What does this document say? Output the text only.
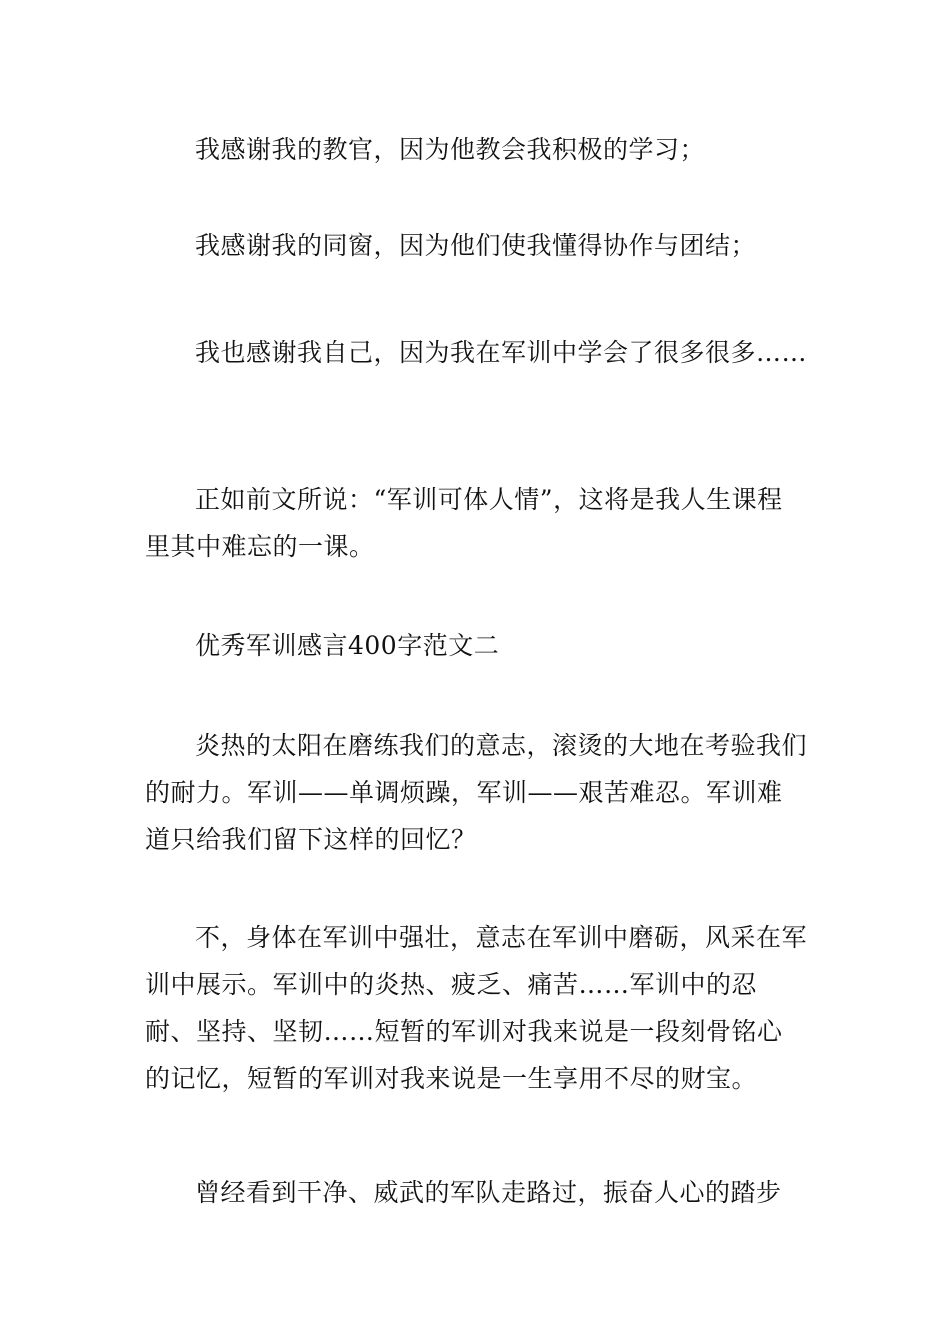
我感谢我的教官，因为他教会我积极的学习；

我感谢我的同窗，因为他们使我懂得协作与团结；

我也感谢我自己，因为我在军训中学会了很多很多……

正如前文所说：“军训可体人情”，这将是我人生课程里其中难忘的一课。

优秀军训感言400字范文二

炎热的太阳在磨练我们的意志，滚烫的大地在考验我们的耐力。军训——单调烦躁，军训——艰苦难忍。军训难道只给我们留下这样的回忆？

不，身体在军训中强壮，意志在军训中磨砺，风采在军训中展示。军训中的炎热、疲乏、痛苦……军训中的忍耐、坚持、坚韧……短暂的军训对我来说是一段刻骨铭心的记忆，短暂的军训对我来说是一生享用不尽的财宝。

曾经看到干净、威武的军队走路过，振奋人心的踏步
